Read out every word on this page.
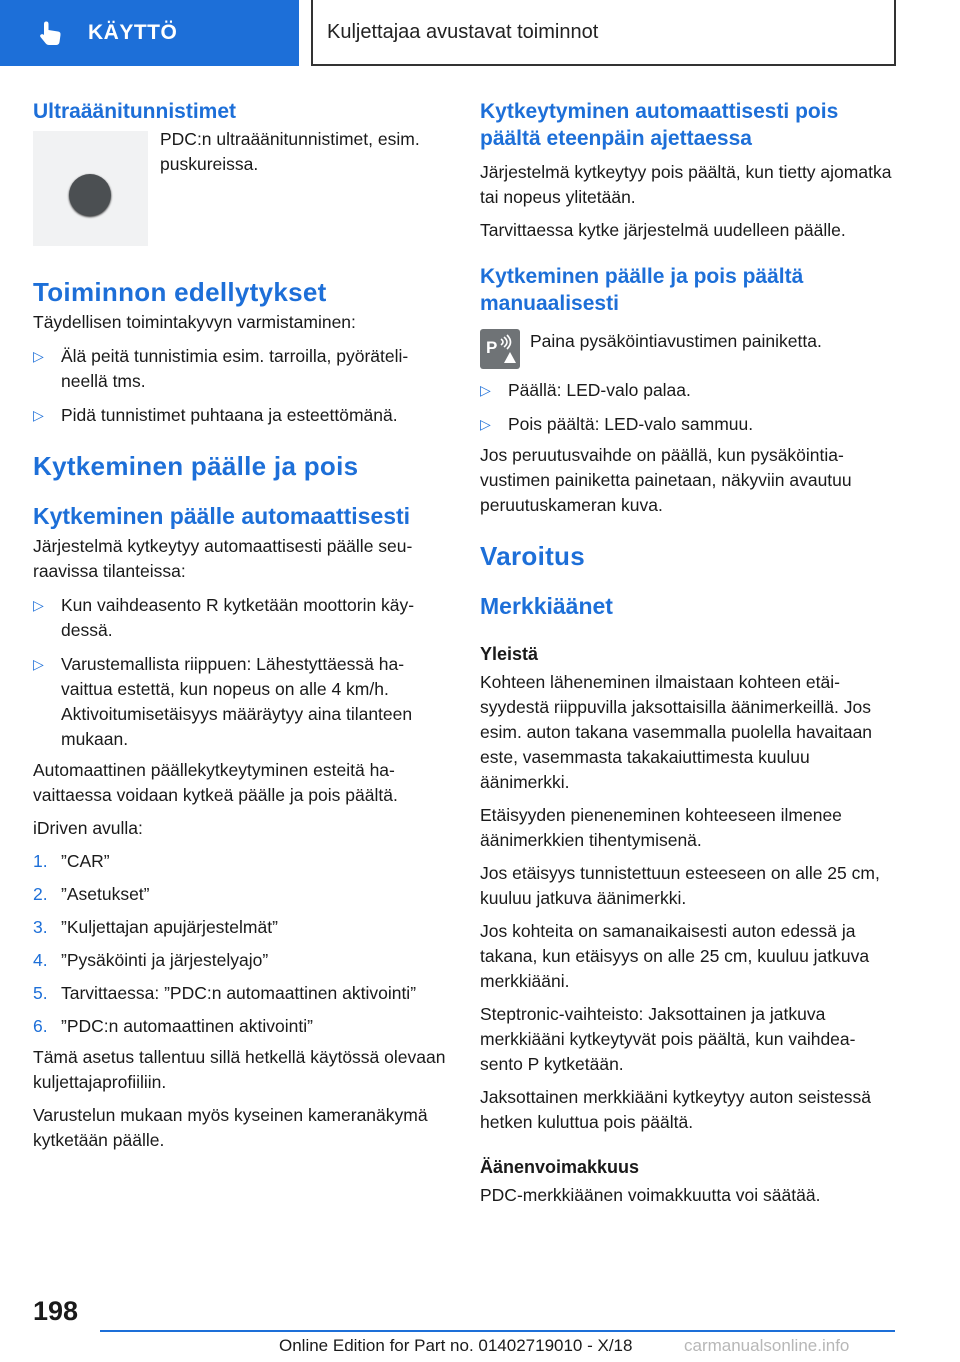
KÄYTTÖ	Kuljettajaa avustavat toiminnot
Ultraäänitunnistimet

PDC:n ultraäänitunnistimet, esim. puskureissa.

Toiminnon edellytykset

Täydellisen toimintakyvyn varmistaminen:

▷ Älä peitä tunnistimia esim. tarroilla, pyörätelineellä tms.
▷ Pidä tunnistimet puhtaana ja esteettömänä.
Kytkeminen päälle ja pois
Kytkeminen päälle automaattisesti

Järjestelmä kytkeytyy automaattisesti päälle seuraavissa tilanteissa:

▷ Kun vaihdeasento R kytketään moottorin käydessä.
▷ Varustemallista riippuen: Lähestyttäessä havaittua estettä, kun nopeus on alle 4 km/h. Aktivoitumisetäisyys määräytyy aina tilanteen mukaan.

Automaattinen päällekytkeytyminen esteitä havaittaessa voidaan kytkeä päälle ja pois päältä.

iDriven avulla:

1. ”CAR”
2. ”Asetukset”
3. ”Kuljettajan apujärjestelmät”
4. ”Pysäköinti ja järjestelyajo”
5. Tarvittaessa: ”PDC:n automaattinen aktivointi”
6. ”PDC:n automaattinen aktivointi”

Tämä asetus tallentuu sillä hetkellä käytössä olevaan kuljettajaprofiiliin.

Varustelun mukaan myös kyseinen kameranäkymä kytketään päälle.

Kytkeytyminen automaattisesti pois päältä eteenpäin ajettaessa

Järjestelmä kytkeytyy pois päältä, kun tietty ajomatka tai nopeus ylitetään.

Tarvittaessa kytke järjestelmä uudelleen päälle.

Kytkeminen päälle ja pois päältä manuaalisesti
P Paina pysäköintiavustimen painiketta.

▷ Päällä: LED-valo palaa.
▷ Pois päältä: LED-valo sammuu.

Jos peruutusvaihde on päällä, kun pysäköintiavustimen painiketta painetaan, näkyviin avautuu peruutuskameran kuva.

Varoitus
Merkkiäänet
Yleistä

Kohteen läheneminen ilmaistaan kohteen etäisyydestä riippuvilla jaksottaisilla äänimerkeillä. Jos esim. auton takana vasemmalla puolella havaitaan este, vasemmasta takakaiuttimesta kuuluu äänimerkki.

Etäisyyden pieneneminen kohteeseen ilmenee äänimerkkien tihentymisenä.

Jos etäisyys tunnistettuun esteeseen on alle 25 cm, kuuluu jatkuva äänimerkki.

Jos kohteita on samanaikaisesti auton edessä ja takana, kun etäisyys on alle 25 cm, kuuluu jatkuva merkkiääni.

Steptronic-vaihteisto: Jaksottainen ja jatkuva merkkiääni kytkeytyvät pois päältä, kun vaihdeasento P kytketään.

Jaksottainen merkkiääni kytkeytyy auton seistessä hetken kuluttua pois päältä.

Äänenvoimakkuus

PDC-merkkiäänen voimakkuutta voi säätää.

198
Online Edition for Part no. 01402719010 - X/18	carmanualsonline.info
